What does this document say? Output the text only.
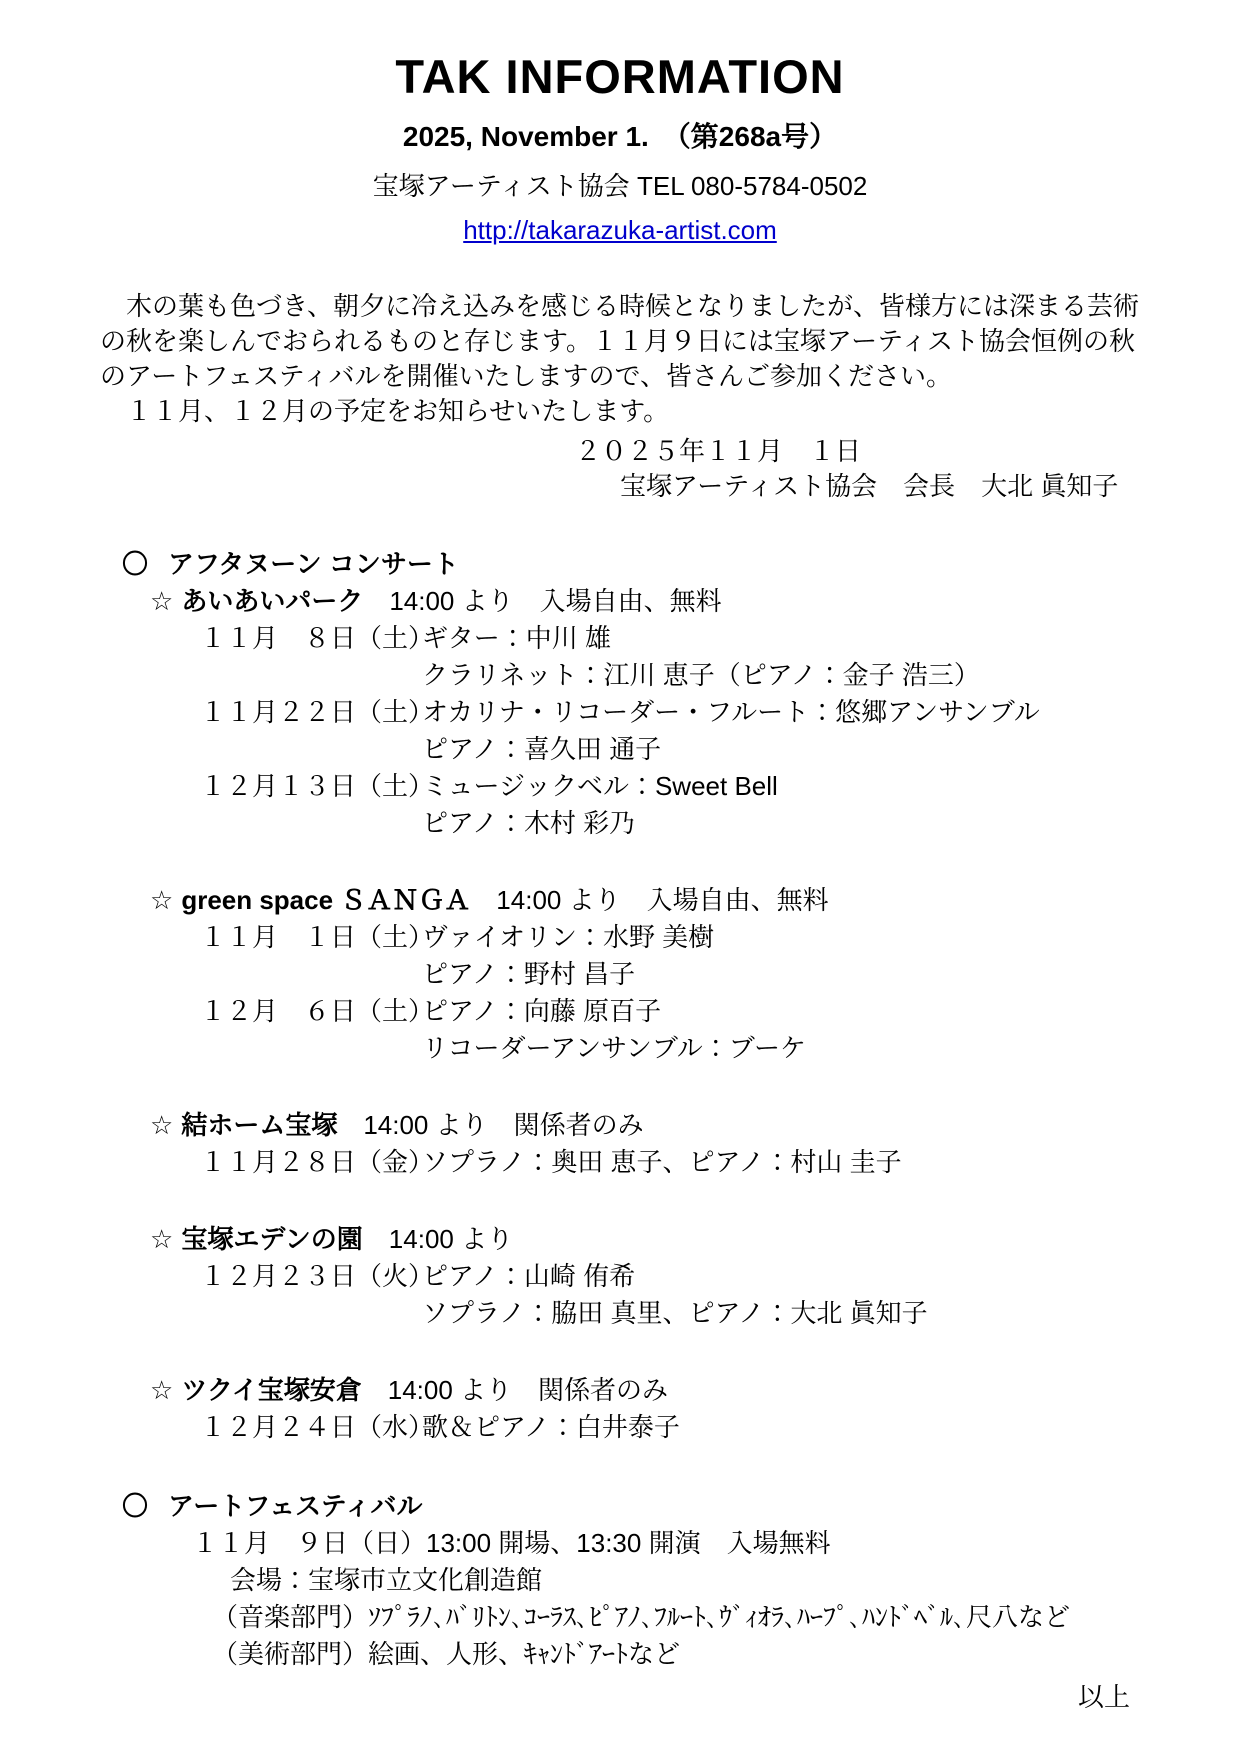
TAK INFORMATION
2025, November 1.　（第268a号）
宝塚アーティスト協会 TEL 080-5784-0502
http://takarazuka-artist.com

　木の葉も色づき、朝夕に冷え込みを感じる時候となりましたが、皆様方には深まる芸術の秋を楽しんでおられるものと存じます。１１月９日には宝塚アーティスト協会恒例の秋のアートフェスティバルを開催いたしますので、皆さんご参加ください。

　１１月、１２月の予定をお知らせいたします。

２０２５年１１月　１日
宝塚アーティスト協会　会長　大北 眞知子
〇 アフタヌーン コンサート
☆ あいあいパーク 14:00 より　入場自由、無料
１１月　８日（土）
ギター：中川 雄
クラリネット：江川 恵子（ピアノ：金子 浩三）
１１月２２日（土）
オカリナ・リコーダー・フルート：悠郷アンサンブル
ピアノ：喜久田 通子
１２月１３日（土）
ミュージックベル：Sweet Bell
ピアノ：木村 彩乃
☆ green space ＳＡＮＧＡ 14:00 より　入場自由、無料
１１月　１日（土）
ヴァイオリン：水野 美樹
ピアノ：野村 昌子
１２月　６日（土）
ピアノ：向藤 原百子
リコーダーアンサンブル：ブーケ
☆ 結ホーム宝塚 14:00 より　関係者のみ
１１月２８日（金）
ソプラノ：奥田 恵子、ピアノ：村山 圭子
☆ 宝塚エデンの園 14:00 より
１２月２３日（火）
ピアノ：山崎 侑希
ソプラノ：脇田 真里、ピアノ：大北 眞知子
☆ ツクイ宝塚安倉 14:00 より　関係者のみ
１２月２４日（水）
歌＆ピアノ：白井泰子
〇 アートフェスティバル
１１月　９日（日）13:00 開場、13:30 開演　入場無料
会場：宝塚市立文化創造館
（音楽部門）ｿﾌﾟﾗﾉ､ﾊﾞﾘﾄﾝ､ｺｰﾗｽ､ﾋﾟｱﾉ､ﾌﾙｰﾄ､ｳﾞｨｵﾗ､ﾊｰﾌﾟ､ﾊﾝﾄﾞﾍﾞﾙ､尺八など
（美術部門）絵画、人形、ｷｬﾝﾄﾞｱｰﾄなど
以上
